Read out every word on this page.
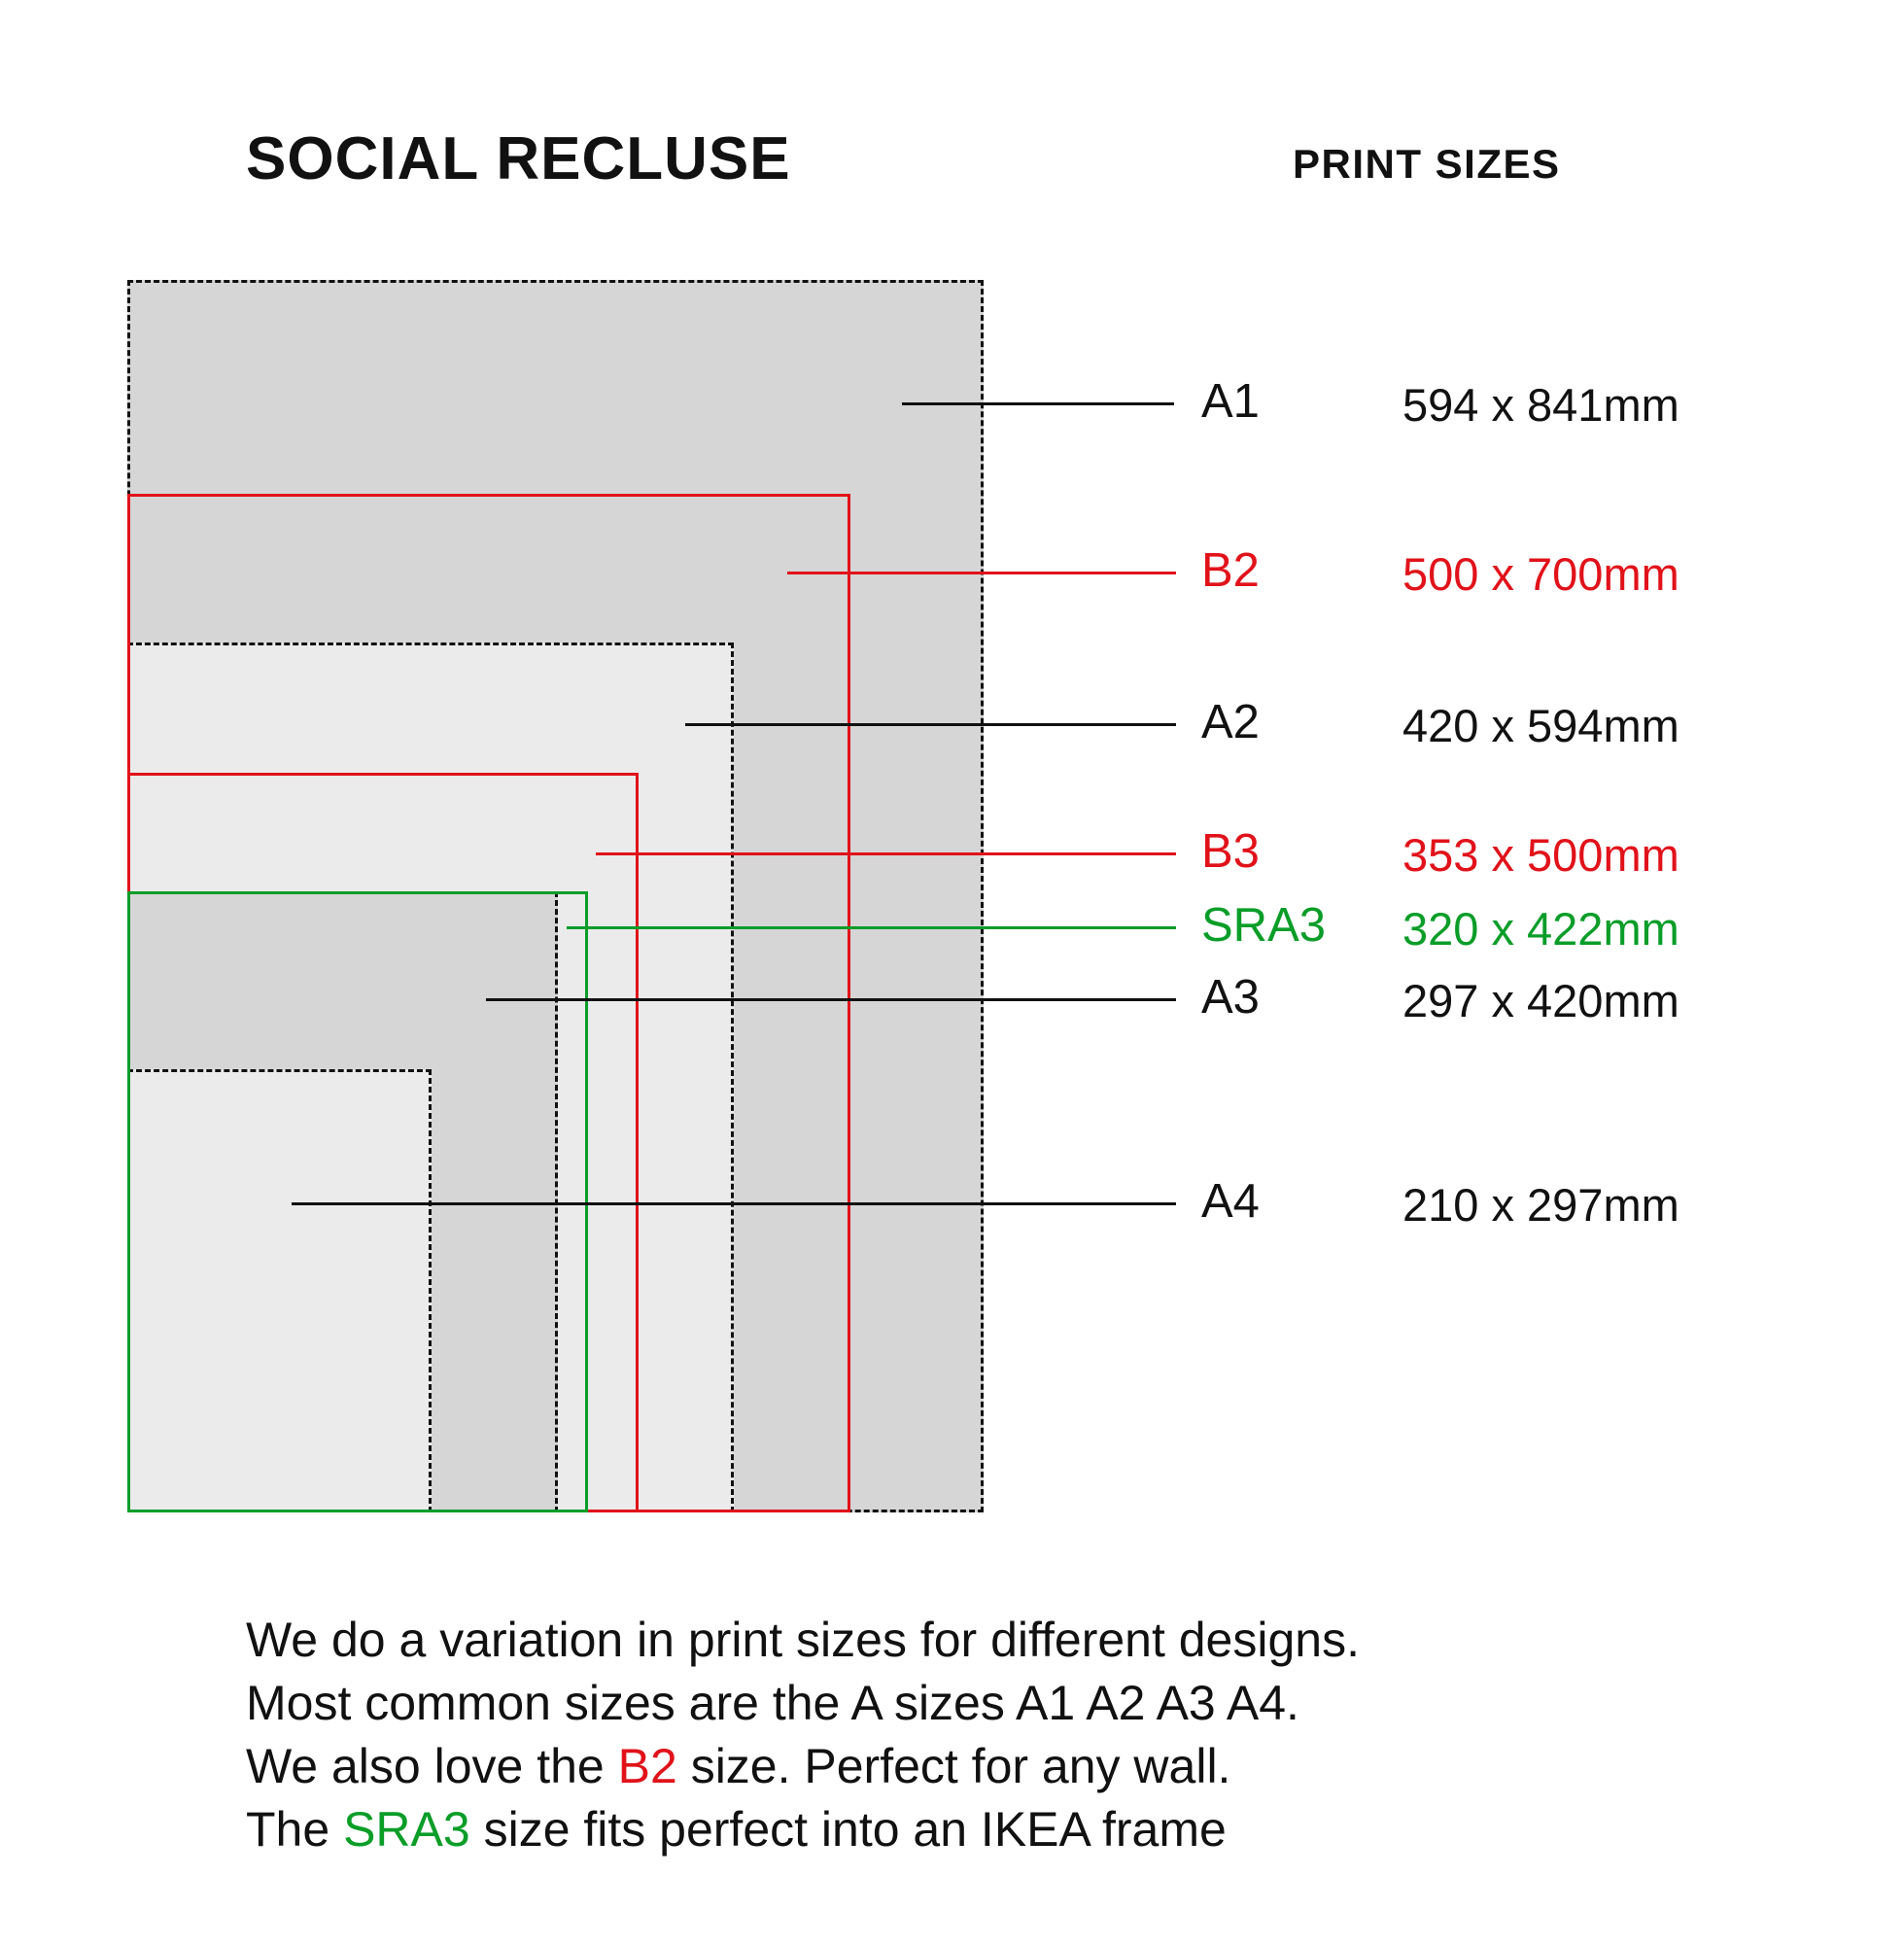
SOCIAL RECLUSE	PRINT SIZES
A1	594 x 841mm
B2	500 x 700mm
A2	420 x 594mm
B3	353 x 500mm
SRA3 320 x 422mm
A3	297 x 420mm
A4	210 x 297mm
We do a variation in print sizes for different designs.
Most common sizes are the A sizes A1 A2 A3 A4.
We also love the B2 size. Perfect for any wall.
The SRA3 size fits perfect into an IKEA frame
